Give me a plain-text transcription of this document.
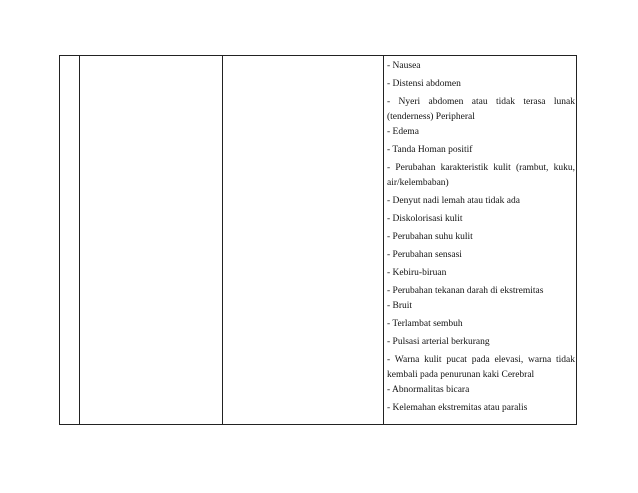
- Nausea

- Distensi abdomen

- Nyeri abdomen atau tidak terasa lunak (tenderness) Peripheral

- Edema

- Tanda Homan positif

- Perubahan karakteristik kulit (rambut, kuku, air/kelembaban)

- Denyut nadi lemah atau tidak ada

- Diskolorisasi kulit

- Perubahan suhu kulit

- Perubahan sensasi

- Kebiru-biruan

- Perubahan tekanan darah di ekstremitas

- Bruit

- Terlambat sembuh

- Pulsasi arterial berkurang

- Warna kulit pucat pada elevasi, warna tidak kembali pada penurunan kaki Cerebral

- Abnormalitas bicara

- Kelemahan ekstremitas atau paralis
